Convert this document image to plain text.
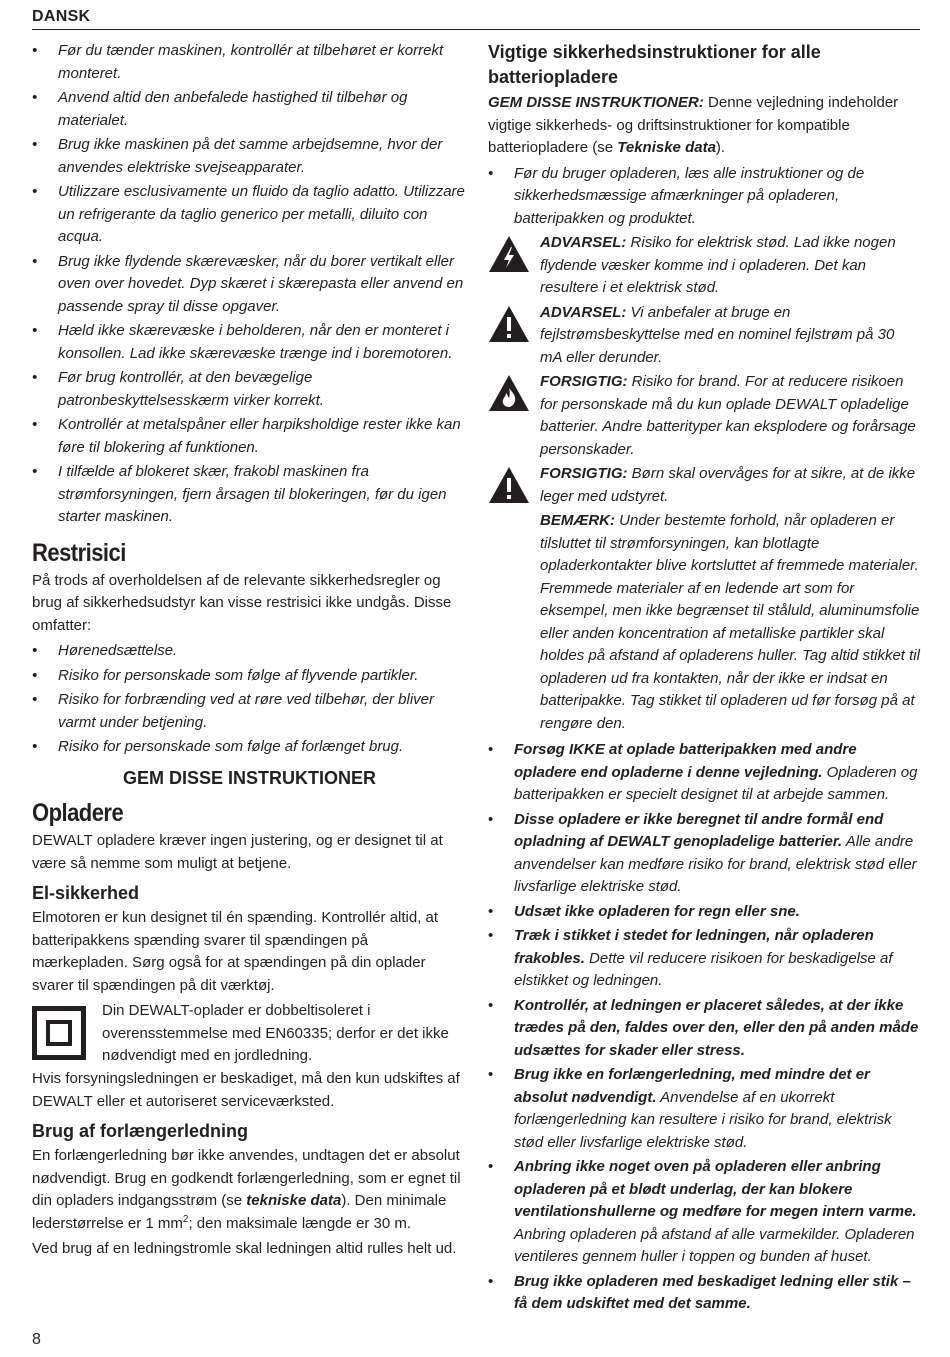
DANSK
• Før du tænder maskinen, kontrollér at tilbehøret er korrekt monteret.
• Anvend altid den anbefalede hastighed til tilbehør og materialet.
• Brug ikke maskinen på det samme arbejdsemne, hvor der anvendes elektriske svejseapparater.
• Utilizzare esclusivamente un fluido da taglio adatto. Utilizzare un refrigerante da taglio generico per metalli, diluito con acqua.
• Brug ikke flydende skærevæsker, når du borer vertikalt eller oven over hovedet. Dyp skæret i skærepasta eller anvend en passende spray til disse opgaver.
• Hæld ikke skærevæske i beholderen, når den er monteret i konsollen. Lad ikke skærevæske trænge ind i boremotoren.
• Før brug kontrollér, at den bevægelige patronbeskyttelsesskærm virker korrekt.
• Kontrollér at metalspåner eller harpiksholdige rester ikke kan føre til blokering af funktionen.
• I tilfælde af blokeret skær, frakobl maskinen fra strømforsyningen, fjern årsagen til blokeringen, før du igen starter maskinen.
Restrisici

På trods af overholdelsen af de relevante sikkerhedsregler og brug af sikkerhedsudstyr kan visse restrisici ikke undgås. Disse omfatter:

• Hørenedsættelse.
• Risiko for personskade som følge af flyvende partikler.
• Risiko for forbrænding ved at røre ved tilbehør, der bliver varmt under betjening.
• Risiko for personskade som følge af forlænget brug.
GEM DISSE INSTRUKTIONER
Opladere

DEWALT opladere kræver ingen justering, og er designet til at være så nemme som muligt at betjene.

El-sikkerhed

Elmotoren er kun designet til én spænding. Kontrollér altid, at batteripakkens spænding svarer til spændingen på mærkepladen. Sørg også for at spændingen på din oplader svarer til spændingen på dit værktøj.

Din DEWALT-oplader er dobbeltisoleret i overensstemmelse med EN60335; derfor er det ikke nødvendigt med en jordledning.

Hvis forsyningsledningen er beskadiget, må den kun udskiftes af DEWALT eller et autoriseret serviceværksted.

Brug af forlængerledning

En forlængerledning bør ikke anvendes, undtagen det er absolut nødvendigt. Brug en godkendt forlængerledning, som er egnet til din opladers indgangsstrøm (se tekniske data). Den minimale lederstørrelse er 1 $mm^2$; den maksimale længde er 30 m.

Ved brug af en ledningstromle skal ledningen altid rulles helt ud.

Vigtige sikkerhedsinstruktioner for alle batteriopladere

GEM DISSE INSTRUKTIONER: Denne vejledning indeholder vigtige sikkerheds- og driftsinstruktioner for kompatible batteriopladere (se Tekniske data).

• Før du bruger opladeren, læs alle instruktioner og de sikkerhedsmæssige afmærkninger på opladeren, batteripakken og produktet.
ADVARSEL: Risiko for elektrisk stød. Lad ikke nogen flydende væsker komme ind i opladeren. Det kan resultere i et elektrisk stød.
ADVARSEL: Vi anbefaler at bruge en fejlstrømsbeskyttelse med en nominel fejlstrøm på 30 mA eller derunder.
FORSIGTIG: Risiko for brand. For at reducere risikoen for personskade må du kun oplade DEWALT opladelige batterier. Andre batterityper kan eksplodere og forårsage personskader.
FORSIGTIG: Børn skal overvåges for at sikre, at de ikke leger med udstyret.
BEMÆRK: Under bestemte forhold, når opladeren er tilsluttet til strømforsyningen, kan blotlagte opladerkontakter blive kortsluttet af fremmede materialer. Fremmede materialer af en ledende art som for eksempel, men ikke begrænset til ståluld, aluminumsfolie eller anden koncentration af metalliske partikler skal holdes på afstand af opladerens huller. Tag altid stikket til opladeren ud fra kontakten, når der ikke er indsat en batteripakke. Tag stikket til opladeren ud før forsøg på at rengøre den.
• Forsøg IKKE at oplade batteripakken med andre opladere end opladerne i denne vejledning. Opladeren og batteripakken er specielt designet til at arbejde sammen.
• Disse opladere er ikke beregnet til andre formål end opladning af DEWALT genopladelige batterier. Alle andre anvendelser kan medføre risiko for brand, elektrisk stød eller livsfarlige elektriske stød.
• Udsæt ikke opladeren for regn eller sne.
• Træk i stikket i stedet for ledningen, når opladeren frakobles. Dette vil reducere risikoen for beskadigelse af elstikket og ledningen.
• Kontrollér, at ledningen er placeret således, at der ikke trædes på den, faldes over den, eller den på anden måde udsættes for skader eller stress.
• Brug ikke en forlængerledning, med mindre det er absolut nødvendigt. Anvendelse af en ukorrekt forlængerledning kan resultere i risiko for brand, elektrisk stød eller livsfarlige elektriske stød.
• Anbring ikke noget oven på opladeren eller anbring opladeren på et blødt underlag, der kan blokere ventilationshullerne og medføre for megen intern varme. Anbring opladeren på afstand af alle varmekilder. Opladeren ventileres gennem huller i toppen og bunden af huset.
• Brug ikke opladeren med beskadiget ledning eller stik –få dem udskiftet med det samme.
8
